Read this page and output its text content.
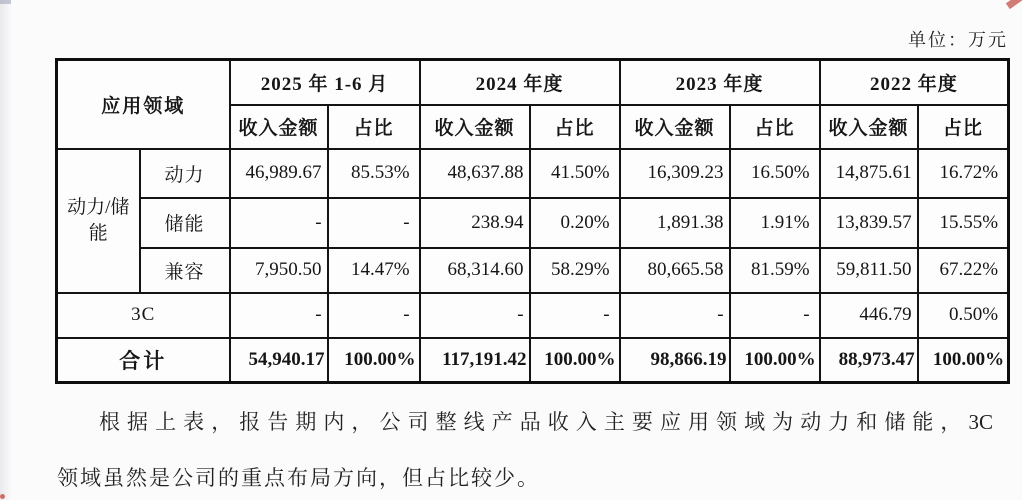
单位：万元
应用领域		2025 年 1-6 月		2024 年度		2023 年度		2022 年度	
		收入金额	占比	收入金额	占比	收入金额	占比	收入金额	占比
动力/储能	动力	46,989.67	85.53%	48,637.88	41.50%	16,309.23	16.50%	14,875.61	16.72%
	储能	-	-	238.94	0.20%	1,891.38	1.91%	13,839.57	15.55%
	兼容	7,950.50	14.47%	68,314.60	58.29%	80,665.58	81.59%	59,811.50	67.22%
3C		-	-	-	-	-	-	446.79	0.50%
合计		54,940.17	100.00%	117,191.42	100.00%	98,866.19	100.00%	88,973.47	100.00%
根据上表，报告期内，公司整线产品收入主要应用领域为动力和储能，3C
领域虽然是公司的重点布局方向，但占比较少。
